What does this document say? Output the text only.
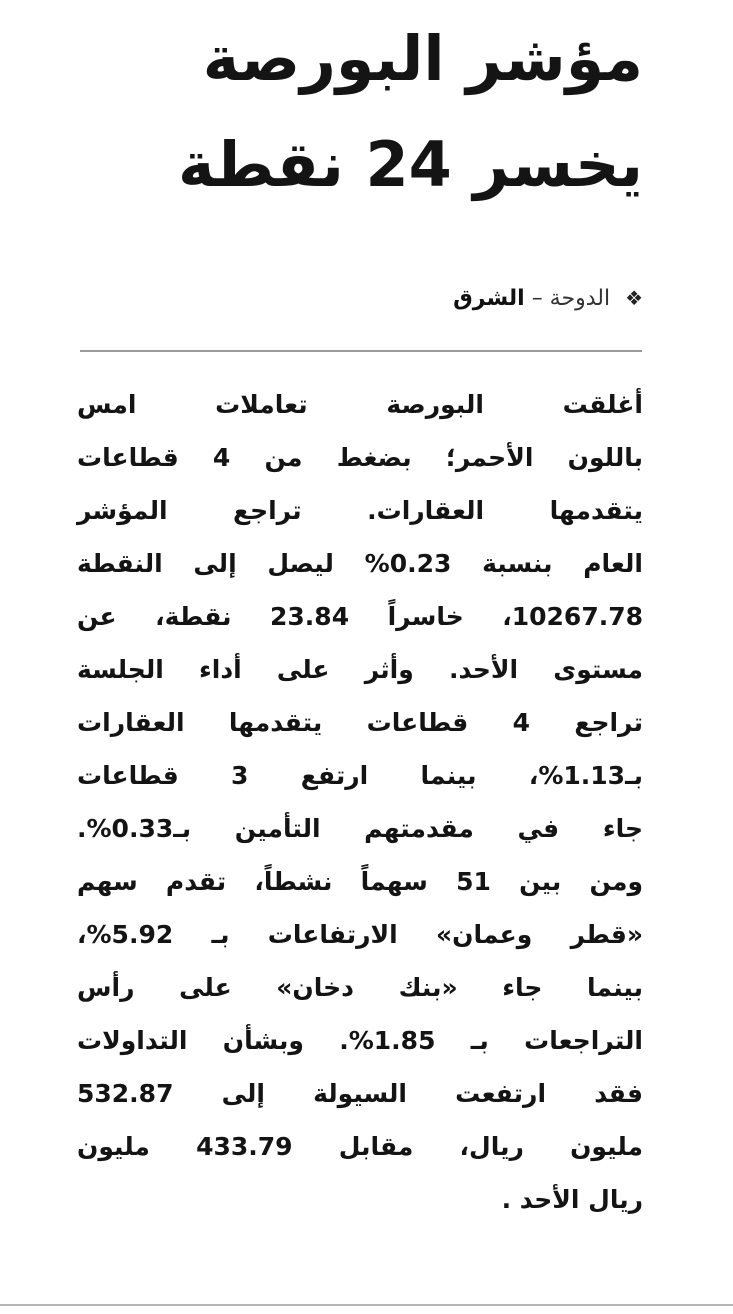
مؤشر البورصة
يخسر 24 نقطة
❖ الدوحة – الشرق
أغلقت البورصة تعاملات امس
باللون الأحمر؛ بضغط من 4 قطاعات
يتقدمها العقارات. تراجع المؤشر
العام بنسبة 0.23% ليصل إلى النقطة
10267.78، خاسراً 23.84 نقطة، عن
مستوى الأحد. وأثر على أداء الجلسة
تراجع 4 قطاعات يتقدمها العقارات
بـ1.13%، بينما ارتفع 3 قطاعات
جاء في مقدمتهم التأمين بـ0.33%.
ومن بين 51 سهماً نشطاً، تقدم سهم
«قطر وعمان» الارتفاعات بـ 5.92%،
بينما جاء «بنك دخان» على رأس
التراجعات بـ 1.85%. وبشأن التداولات
فقد ارتفعت السيولة إلى 532.87
مليون ريال، مقابل 433.79 مليون
ريال الأحد .
